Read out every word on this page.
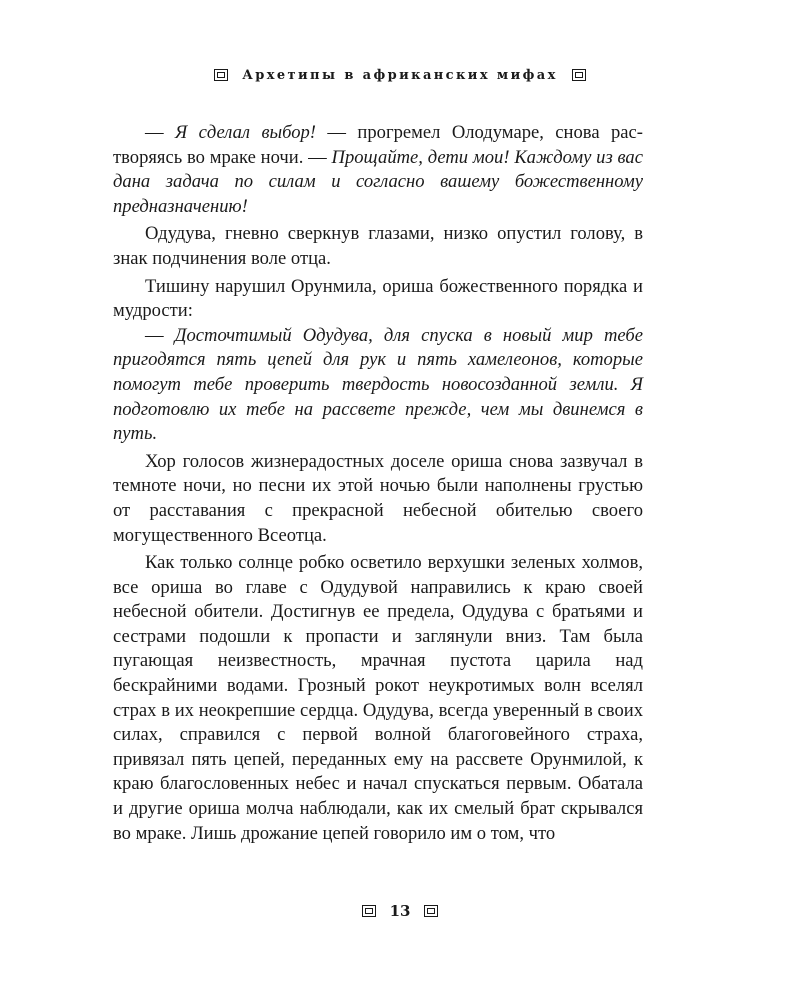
Архетипы в африканских мифах

— Я сделал выбор! — прогремел Олодумаре, снова растворяясь во мраке ночи. — Прощайте, дети мои! Каждому из вас дана задача по силам и согласно вашему божественному предназначению!

Одудува, гневно сверкнув глазами, низко опустил голову, в знак подчинения воле отца.

Тишину нарушил Орунмила, ориша божественного порядка и мудрости:

— Досточтимый Одудува, для спуска в новый мир тебе пригодятся пять цепей для рук и пять хамелеонов, которые помогут тебе проверить твердость новосозданной земли. Я подготовлю их тебе на рассвете прежде, чем мы двинемся в путь.

Хор голосов жизнерадостных доселе ориша снова зазвучал в темноте ночи, но песни их этой ночью были наполнены грустью от расставания с прекрасной небесной обителью своего могущественного Всеотца.

Как только солнце робко осветило верхушки зеленых холмов, все ориша во главе с Одудувой направились к краю своей небесной обители. Достигнув ее предела, Одудува с братьями и сестрами подошли к пропасти и заглянули вниз. Там была пугающая неизвестность, мрачная пустота царила над бескрайними водами. Грозный рокот неукротимых волн вселял страх в их неокрепшие сердца. Одудува, всегда уверенный в своих силах, справился с первой волной благоговейного страха, привязал пять цепей, переданных ему на рассвете Орунмилой, к краю благословенных небес и начал спускаться первым. Обатала и другие ориша молча наблюдали, как их смелый брат скрывался во мраке. Лишь дрожание цепей говорило им о том, что

13
